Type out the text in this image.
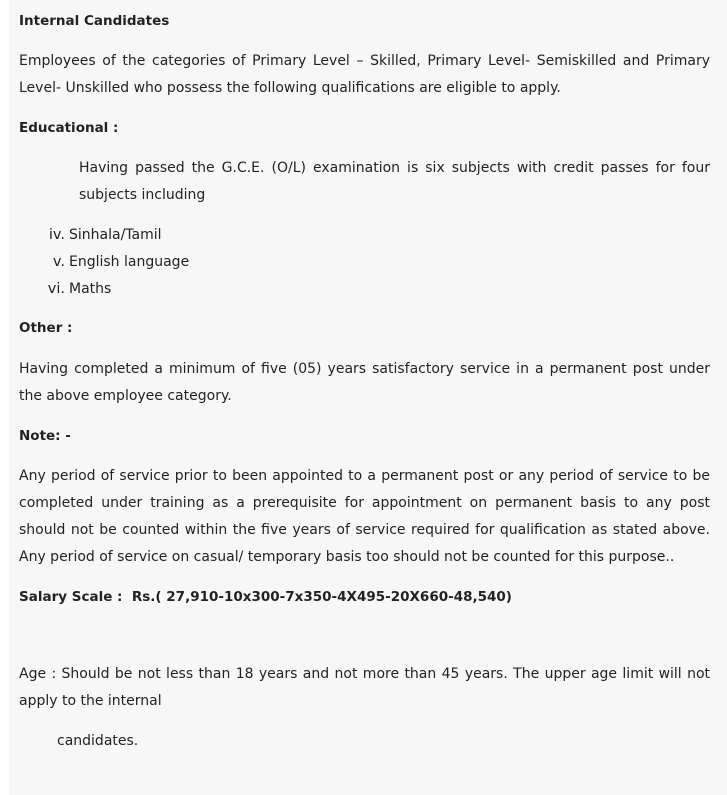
Internal Candidates

Employees of the categories of Primary Level – Skilled, Primary Level- Semiskilled and Primary Level- Unskilled who possess the following qualifications are eligible to apply.

Educational :

Having passed the G.C.E. (O/L) examination is six subjects with credit passes for four subjects including

iv. Sinhala/Tamil
v. English language
vi. Maths
Other :

Having completed a minimum of five (05) years satisfactory service in a permanent post under the above employee category.

Note: -

Any period of service prior to been appointed to a permanent post or any period of service to be completed under training as a prerequisite for appointment on permanent basis to any post should not be counted within the five years of service required for qualification as stated above. Any period of service on casual/ temporary basis too should not be counted for this purpose..

Salary Scale : Rs.( 27,910-10x300-7x350-4X495-20X660-48,540)

Age : Should be not less than 18 years and not more than 45 years. The upper age limit will not apply to the internal

candidates.
